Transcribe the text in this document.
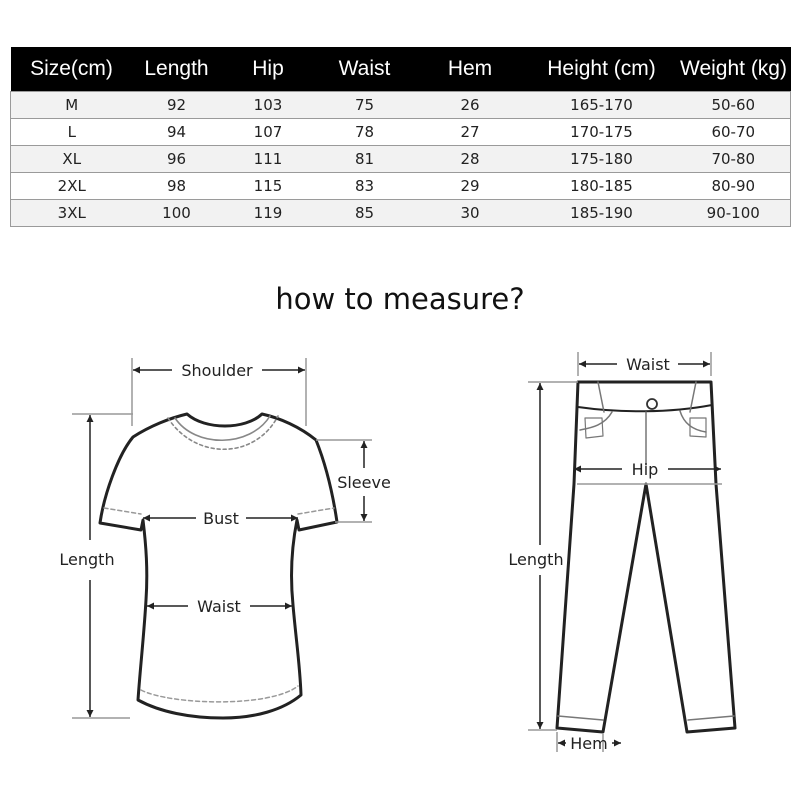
Size(cm)	Length	Hip	Waist	Hem	Height (cm)	Weight (kg)
M	92	103	75	26	165-170	50-60
L	94	107	78	27	170-175	60-70
XL	96	111	81	28	175-180	70-80
2XL	98	115	83	29	180-185	80-90
3XL	100	119	85	30	185-190	90-100
how to measure?
Shoulder
Sleeve
Bust
Length
Waist
Waist
Hip
Length
Hem
